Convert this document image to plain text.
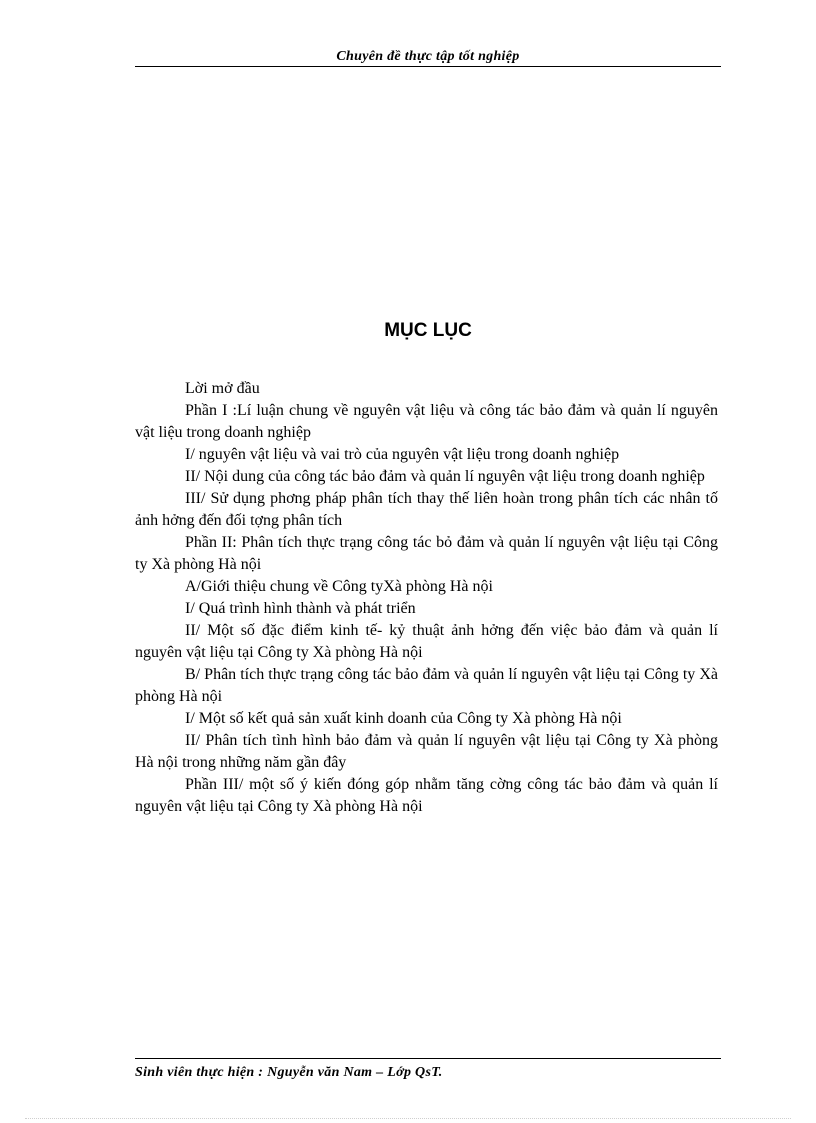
Chuyên đề thực tập tốt nghiệp
MỤC LỤC
Lời mở đầu
Phần I :Lí luận chung về nguyên vật liệu và công tác bảo đảm và quản lí nguyên vật liệu trong doanh nghiệp
I/ nguyên vật liệu và vai trò của nguyên vật liệu trong doanh nghiệp
II/ Nội dung của công tác bảo đảm và quản lí nguyên vật liệu trong doanh nghiệp
III/ Sử dụng phơng pháp phân tích thay thế liên hoàn trong phân tích các nhân tố ảnh hởng đến đối tợng phân tích
Phần II: Phân tích thực trạng công tác bỏ đảm và quản lí nguyên vật liệu tại Công ty Xà phòng Hà nội
A/Giới thiệu chung về Công tyXà phòng Hà nội
I/ Quá trình hình thành và phát triển
II/ Một số đặc điểm kinh tế- kỷ thuật ảnh hởng đến việc bảo đảm và quản lí nguyên vật liệu tại Công ty Xà phòng Hà nội
B/ Phân tích thực trạng công tác bảo đảm và quản lí nguyên vật liệu tại Công ty Xà phòng Hà nội
I/ Một số kết quả sản xuất kinh doanh của Công ty Xà phòng Hà nội
II/ Phân tích tình hình bảo đảm và quản lí nguyên vật liệu tại Công ty Xà phòng Hà nội trong những năm gần đây
Phần III/ một số ý kiến đóng góp nhằm tăng cờng công tác bảo đảm và quản lí nguyên vật liệu tại Công ty Xà phòng Hà nội
Sinh viên thực hiện : Nguyễn văn Nam – Lớp QsT.
